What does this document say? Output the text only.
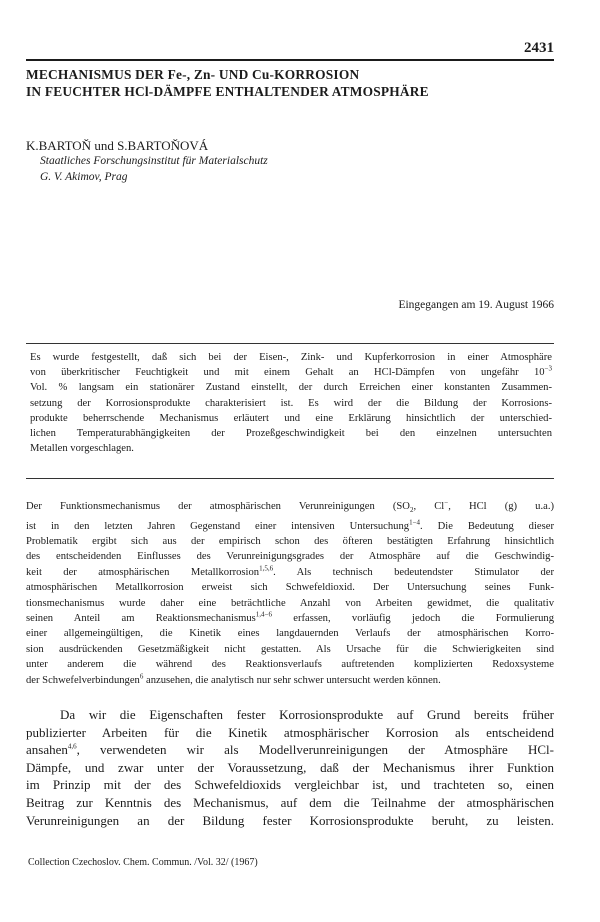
2431
MECHANISMUS DER Fe-, Zn- UND Cu-KORROSION
IN FEUCHTER HCl-DÄMPFE ENTHALTENDER ATMOSPHÄRE
K.BARTOŇ und S.BARTOŇOVÁ
Staatliches Forschungsinstitut für Materialschutz
G. V. Akimov, Prag
Eingegangen am 19. August 1966
Es wurde festgestellt, daß sich bei der Eisen-, Zink- und Kupferkorrosion in einer Atmosphäre
von überkritischer Feuchtigkeit und mit einem Gehalt an HCl-Dämpfen von ungefähr $10^{-3}$
Vol. % langsam ein stationärer Zustand einstellt, der durch Erreichen einer konstanten Zusammen-
setzung der Korrosionsprodukte charakterisiert ist. Es wird der die Bildung der Korrosions-
produkte beherrschende Mechanismus erläutert und eine Erklärung hinsichtlich der unterschied-
lichen Temperaturabhängigkeiten der Prozeßgeschwindigkeit bei den einzelnen untersuchten
Metallen vorgeschlagen.
Der Funktionsmechanismus der atmosphärischen Verunreinigungen ($SO_2$, Cl−, HCl (g) u.a.)
ist in den letzten Jahren Gegenstand einer intensiven Untersuchung$^{1-4}$. Die Bedeutung dieser
Problematik ergibt sich aus der empirisch schon des öfteren bestätigten Erfahrung hinsichtlich
des entscheidenden Einflusses des Verunreinigungsgrades der Atmosphäre auf die Geschwindig-
keit der atmosphärischen Metallkorrosion$^{1,5,6}$. Als technisch bedeutendster Stimulator der
atmosphärischen Metallkorrosion erweist sich Schwefeldioxid. Der Untersuchung seines Funk-
tionsmechanismus wurde daher eine beträchtliche Anzahl von Arbeiten gewidmet, die qualitativ
seinen Anteil am Reaktionsmechanismus$^{1,4-6}$ erfassen, vorläufig jedoch die Formulierung
einer allgemeingültigen, die Kinetik eines langdauernden Verlaufs der atmosphärischen Korro-
sion ausdrückenden Gesetzmäßigkeit nicht gestatten. Als Ursache für die Schwierigkeiten sind
unter anderem die während des Reaktionsverlaufs auftretenden komplizierten Redoxsysteme
der Schwefelverbindungen$^6$ anzusehen, die analytisch nur sehr schwer untersucht werden können.
Da wir die Eigenschaften fester Korrosionsprodukte auf Grund bereits früher
publizierter Arbeiten für die Kinetik atmosphärischer Korrosion als entscheidend
ansahen$^{4,6}$, verwendeten wir als Modellverunreinigungen der Atmosphäre HCl-
Dämpfe, und zwar unter der Voraussetzung, daß der Mechanismus ihrer Funktion
im Prinzip mit der des Schwefeldioxids vergleichbar ist, und trachteten so, einen
Beitrag zur Kenntnis des Mechanismus, auf dem die Teilnahme der atmosphärischen
Verunreinigungen an der Bildung fester Korrosionsprodukte beruht, zu leisten.
Collection Czechoslov. Chem. Commun. /Vol. 32/ (1967)
